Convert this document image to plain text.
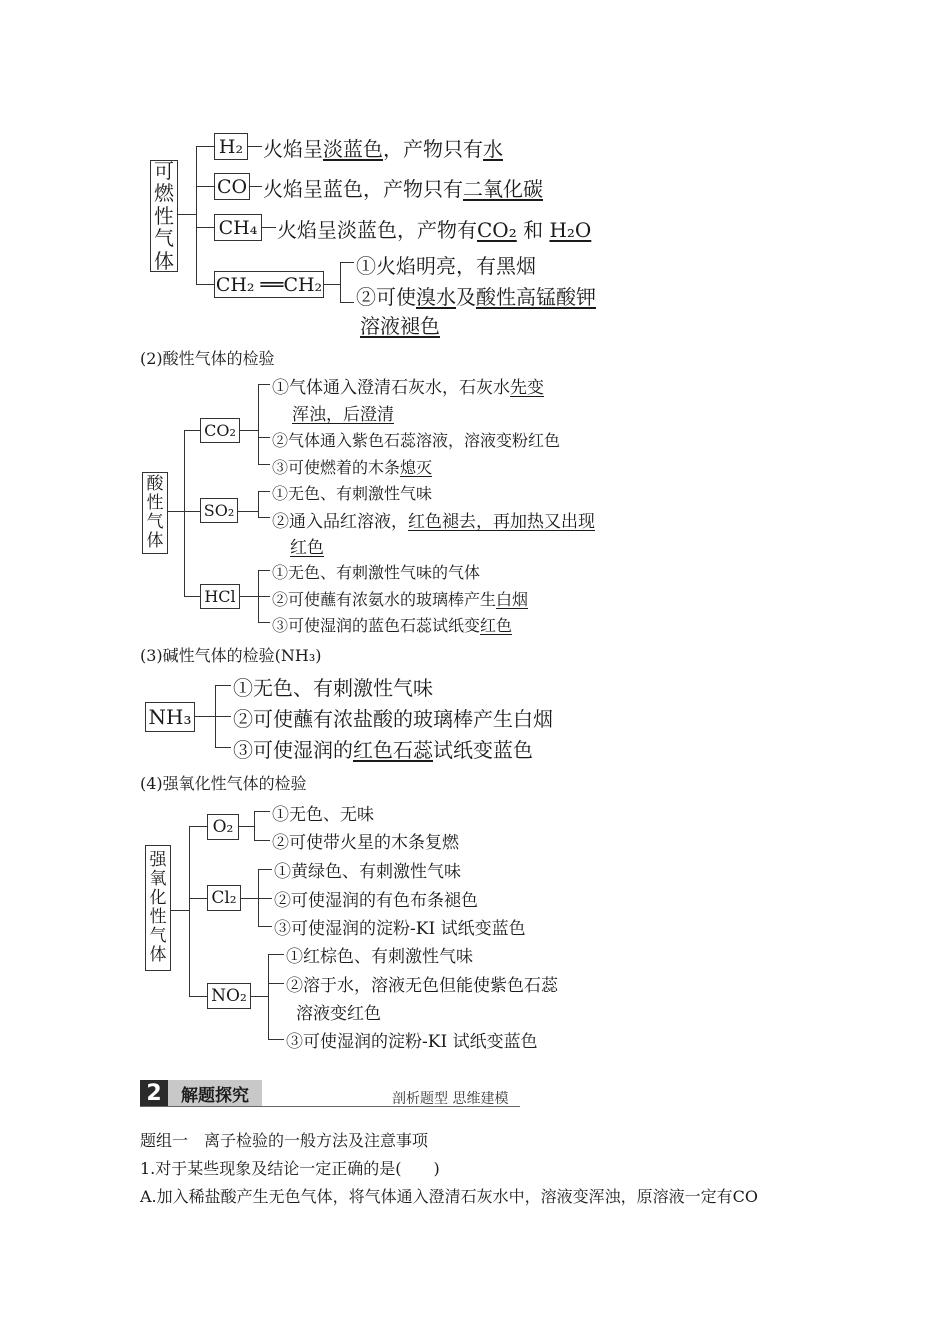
可
燃
性
气
体
H₂ 火焰呈淡蓝色，产物只有水
CO 火焰呈蓝色，产物只有二氧化碳
CH₄ 火焰呈淡蓝色，产物有CO₂ 和 H₂O
CH₂ ══CH₂
①火焰明亮，有黑烟
②可使溴水及酸性高锰酸钾
溶液褪色
(2)酸性气体的检验
酸
性
气
体
CO₂
①气体通入澄清石灰水，石灰水先变
浑浊，后澄清
②气体通入紫色石蕊溶液，溶液变粉红色
③可使燃着的木条熄灭
SO₂
①无色、有刺激性气味
②通入品红溶液，红色褪去，再加热又出现
红色
HCl
①无色、有刺激性气味的气体
②可使蘸有浓氨水的玻璃棒产生白烟
③可使湿润的蓝色石蕊试纸变红色
(3)碱性气体的检验(NH₃)
NH₃
①无色、有刺激性气味
②可使蘸有浓盐酸的玻璃棒产生白烟
③可使湿润的红色石蕊试纸变蓝色
(4)强氧化性气体的检验
强
氧
化
性
气
体
O₂
①无色、无味
②可使带火星的木条复燃
Cl₂
①黄绿色、有刺激性气味
②可使湿润的有色布条褪色
③可使湿润的淀粉-KI 试纸变蓝色
NO₂
①红棕色、有刺激性气味
②溶于水，溶液无色但能使紫色石蕊
溶液变红色
③可使湿润的淀粉-KI 试纸变蓝色
2	解题探究	剖析题型 思维建模
题组一　离子检验的一般方法及注意事项
1.对于某些现象及结论一定正确的是(　　)
A.加入稀盐酸产生无色气体，将气体通入澄清石灰水中，溶液变浑浊，原溶液一定有CO
